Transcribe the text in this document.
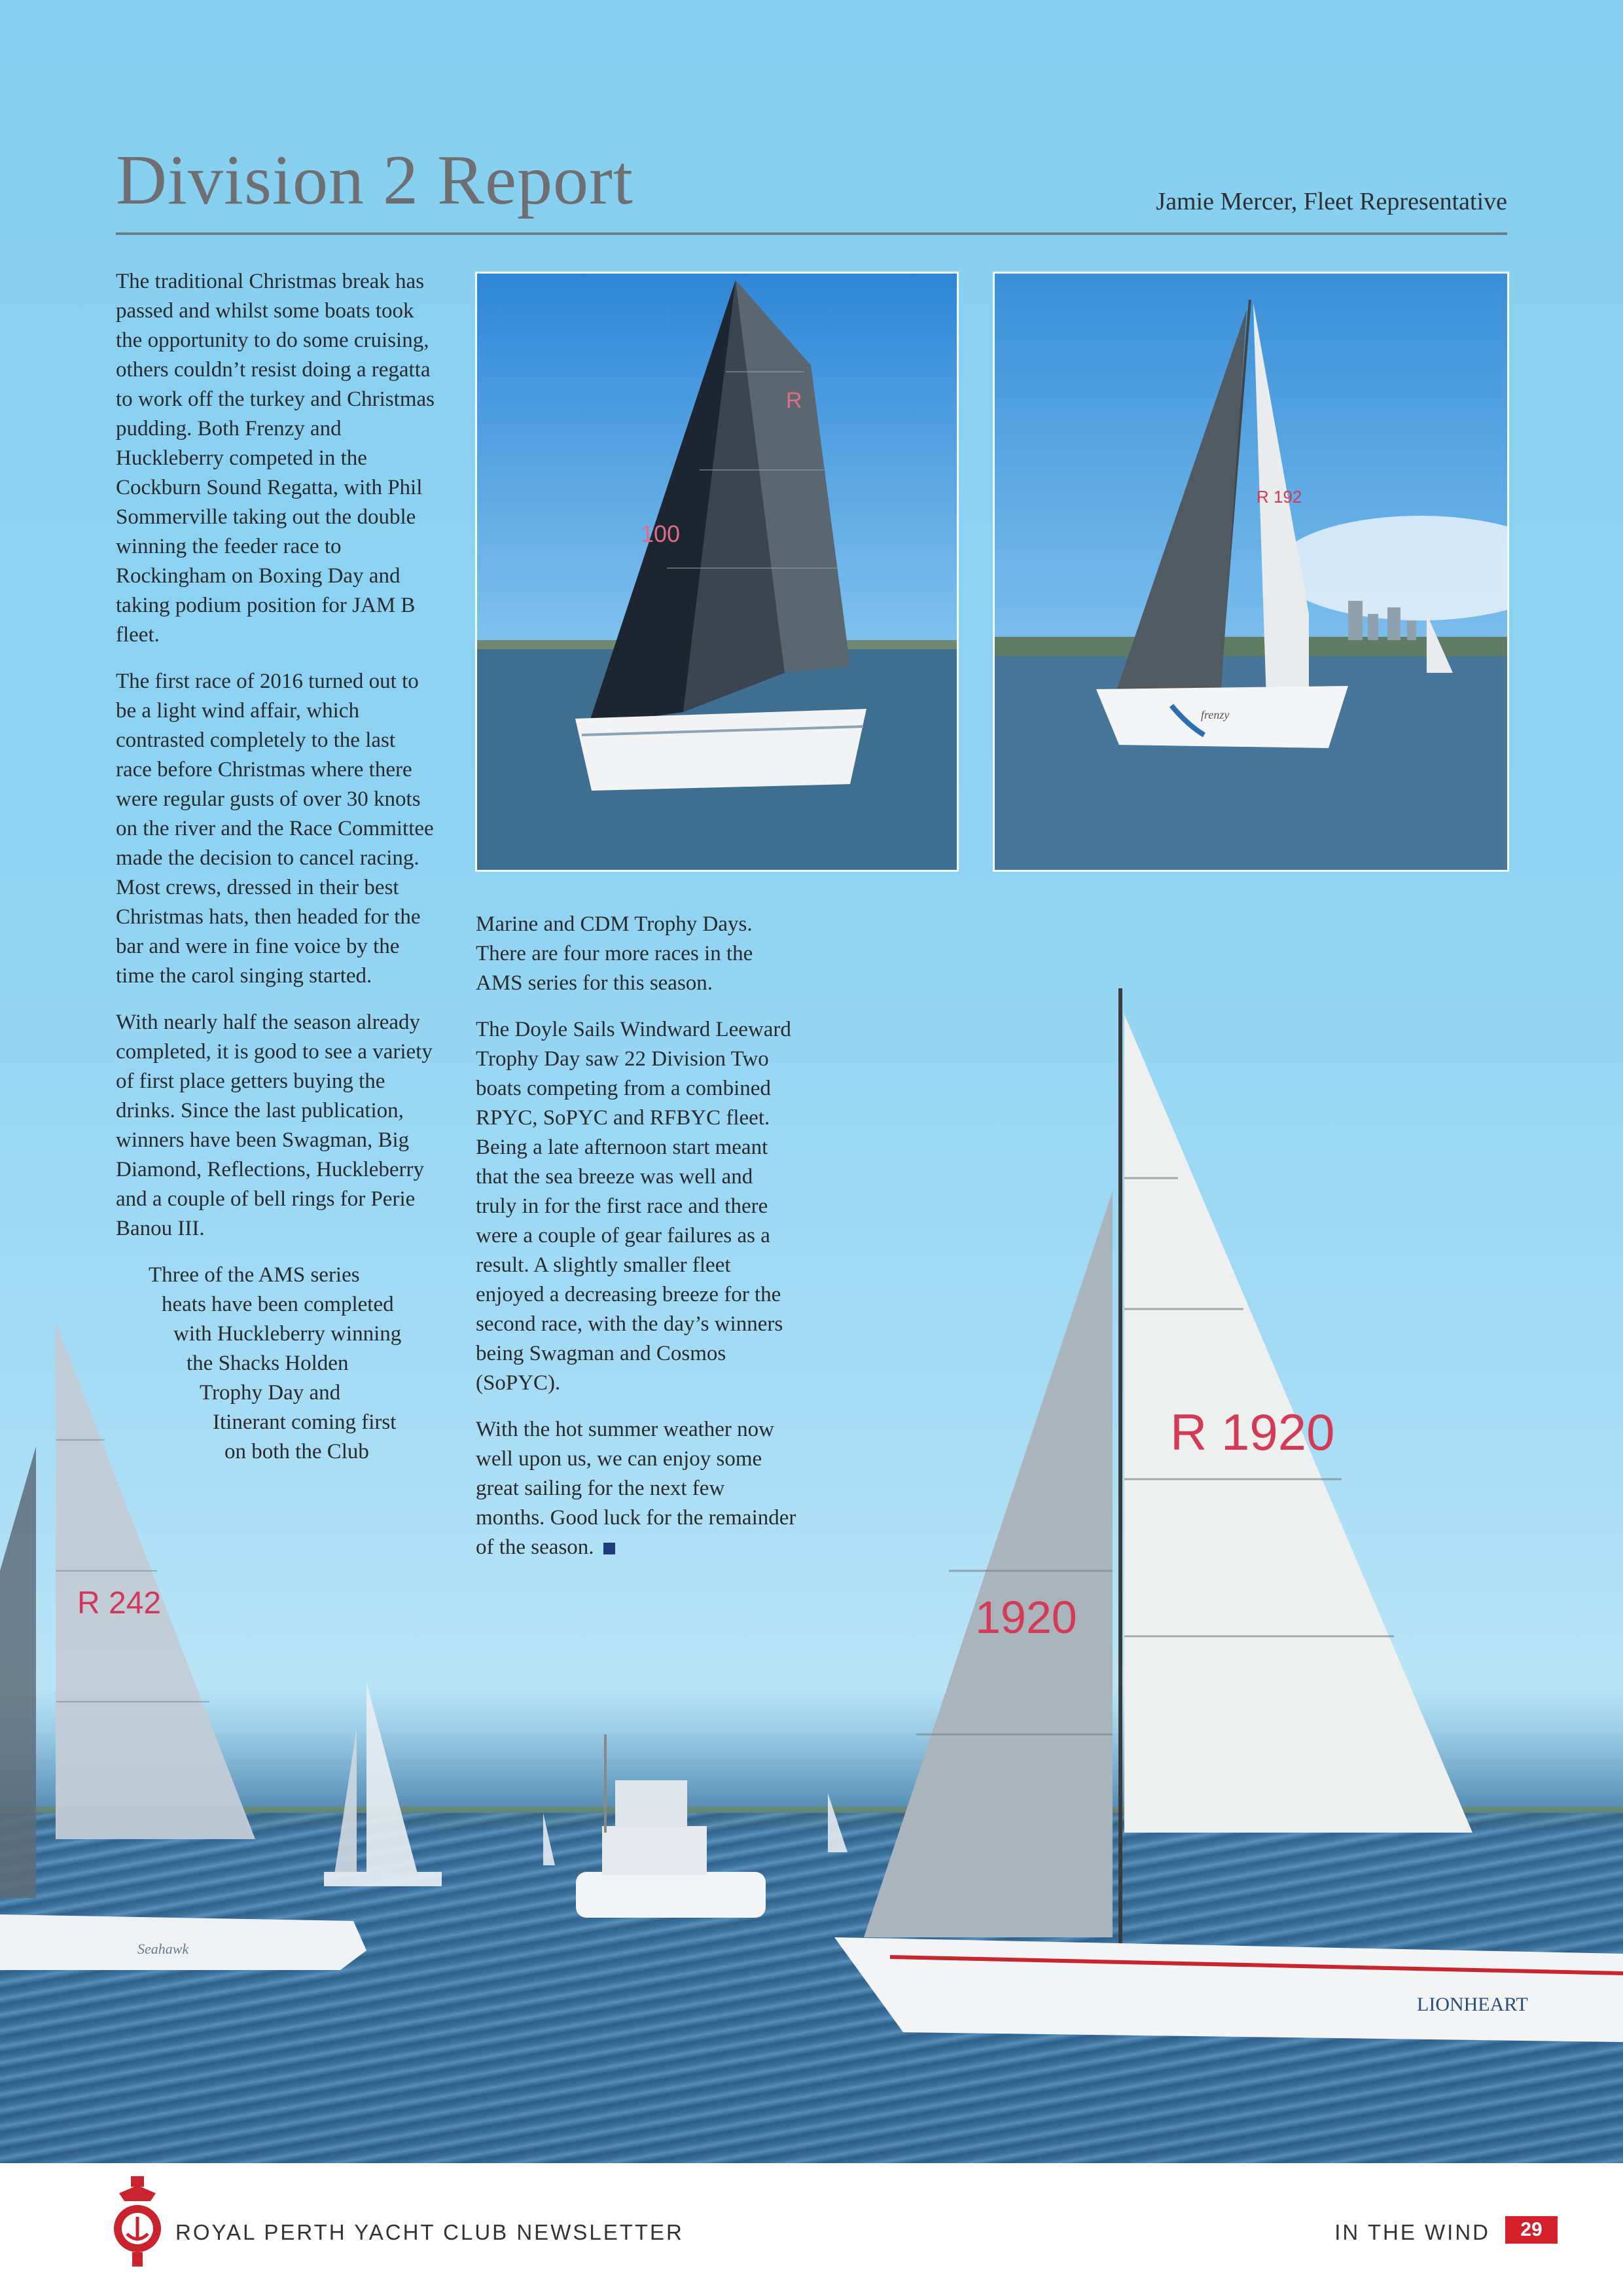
R 242
Seahawk
R 1920
1920
LIONHEART
Division 2 Report	Jamie Mercer, Fleet Representative

The traditional Christmas break has passed and whilst some boats took the opportunity to do some cruising, others couldn’t resist doing a regatta to work off the turkey and Christmas pudding. Both Frenzy and Huckleberry competed in the Cockburn Sound Regatta, with Phil Sommerville taking out the double winning the feeder race to Rockingham on Boxing Day and taking podium position for JAM B fleet.

The first race of 2016 turned out to be a light wind affair, which contrasted completely to the last race before Christmas where there were regular gusts of over 30 knots on the river and the Race Committee made the decision to cancel racing. Most crews, dressed in their best Christmas hats, then headed for the bar and were in fine voice by the time the carol singing started.

With nearly half the season already completed, it is good to see a variety of first place getters buying the drinks. Since the last publication, winners have been Swagman, Big Diamond, Reflections, Huckleberry and a couple of bell rings for Perie Banou III.

Three of the AMS series

heats have been completed

with Huckleberry winning

the Shacks Holden

Trophy Day and

Itinerant coming first

on both the Club

Marine and CDM Trophy Days. There are four more races in the AMS series for this season.

The Doyle Sails Windward Leeward Trophy Day saw 22 Division Two boats competing from a combined RPYC, SoPYC and RFBYC fleet. Being a late afternoon start meant that the sea breeze was well and truly in for the first race and there were a couple of gear failures as a result. A slightly smaller fleet enjoyed a decreasing breeze for the second race, with the day’s winners being Swagman and Cosmos (SoPYC).

With the hot summer weather now well upon us, we can enjoy some great sailing for the next few months. Good luck for the remainder of the season.

100
R
R 192
frenzy
ROYAL PERTH YACHT CLUB NEWSLETTER	IN THE WIND	29
